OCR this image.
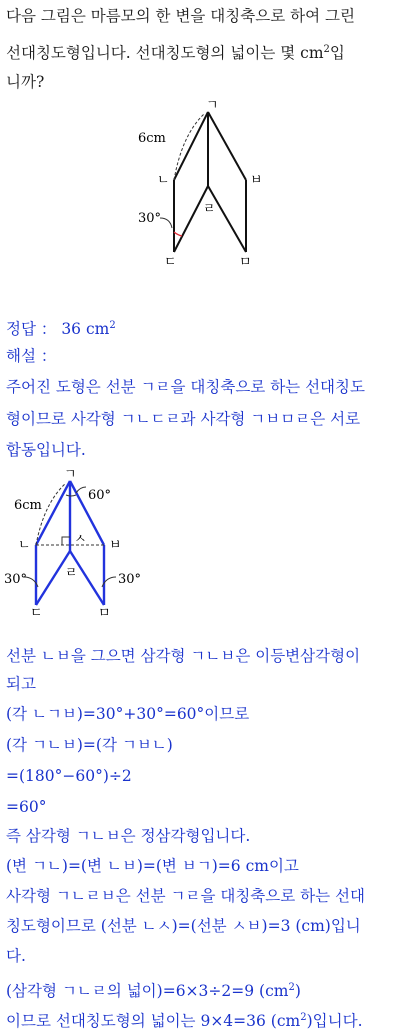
다음 그림은 마름모의 한 변을 대칭축으로 하여 그린
선대칭도형입니다. 선대칭도형의 넓이는 몇 $cm^2$입
니까?
ㄱ
ㄴ	ㅂ
ㄹ
ㄷ	ㅁ
6cm
30°
정답 ： 36 $cm^2$
해설 ：
주어진 도형은 선분 ㄱㄹ을 대칭축으로 하는 선대칭도
형이므로 사각형 ㄱㄴㄷㄹ과 사각형 ㄱㅂㅁㄹ은 서로
합동입니다.
ㄱ
ㄴ	ㅂ
ㅅ
ㄹ
ㄷ	ㅁ
6cm
60°
30°	30°
선분 ㄴㅂ을 그으면 삼각형 ㄱㄴㅂ은 이등변삼각형이
되고
(각 ㄴㄱㅂ)=30°+30°=60°이므로
(각 ㄱㄴㅂ)=(각 ㄱㅂㄴ)
=(180°−60°)÷2
=60°
즉 삼각형 ㄱㄴㅂ은 정삼각형입니다.
(변 ㄱㄴ)=(변 ㄴㅂ)=(변 ㅂㄱ)=6 cm이고
사각형 ㄱㄴㄹㅂ은 선분 ㄱㄹ을 대칭축으로 하는 선대
칭도형이므로 (선분 ㄴㅅ)=(선분 ㅅㅂ)=3 (cm)입니
다.
(삼각형 ㄱㄴㄹ의 넓이)=6×3÷2=9 $(cm^2)$
이므로 선대칭도형의 넓이는 9×4=36 $(cm^2)$입니다.
